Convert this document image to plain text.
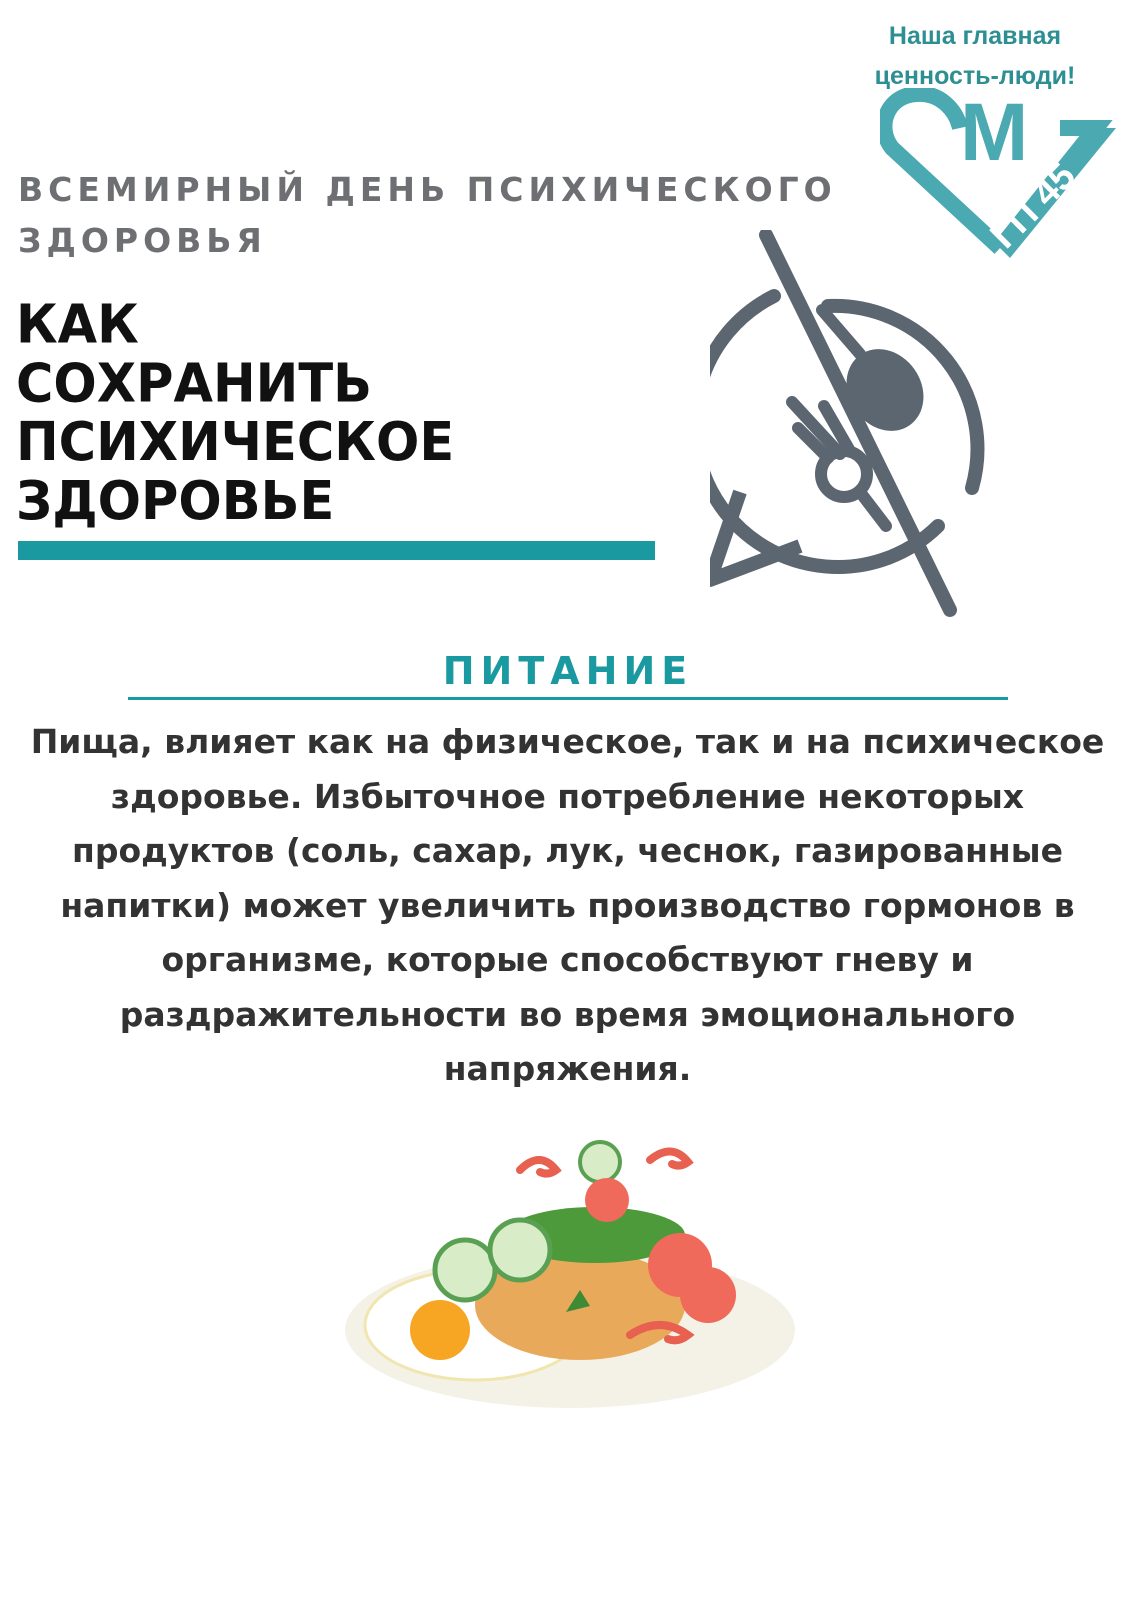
Наша главная
ценность-люди!
М
ГП 45
ВСЕМИРНЫЙ ДЕНЬ ПСИХИЧЕСКОГО
ЗДОРОВЬЯ
КАК
СОХРАНИТЬ
ПСИХИЧЕСКОЕ
ЗДОРОВЬЕ
ПИТАНИЕ

Пища, влияет как на физическое, так и на психическое здоровье. Избыточное потребление некоторых продуктов (соль, сахар, лук, чеснок, газированные напитки) может увеличить производство гормонов в организме, которые способствуют гневу и раздражительности во время эмоционального напряжения.
